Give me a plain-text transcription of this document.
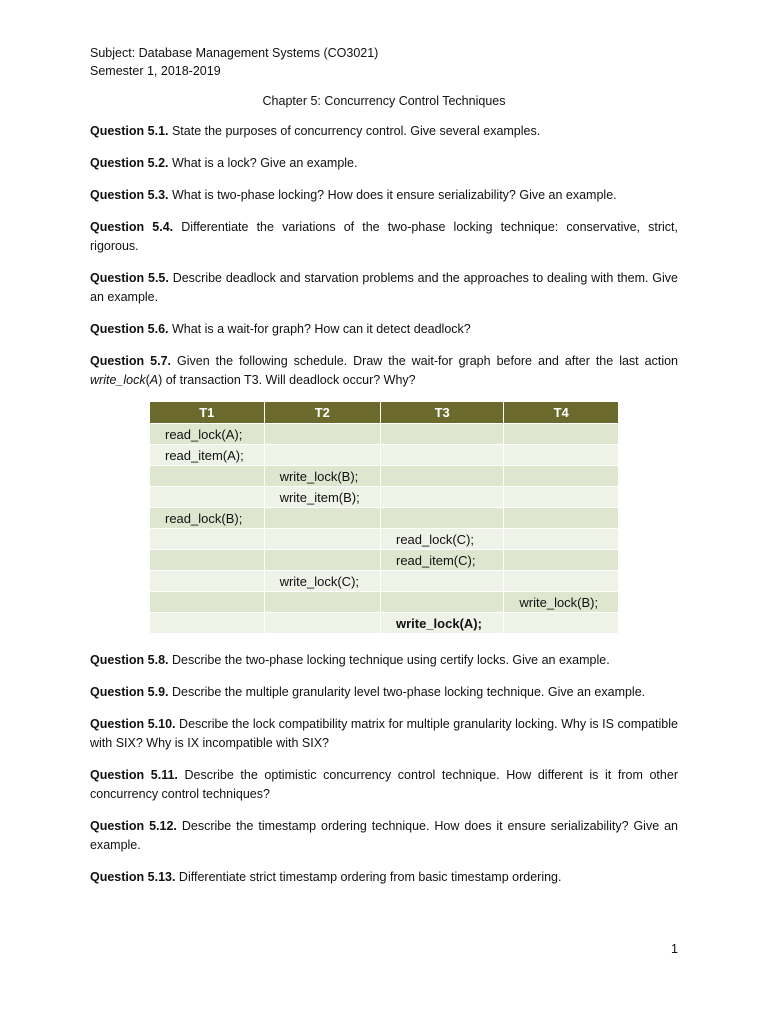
Subject: Database Management Systems (CO3021)
Semester 1, 2018-2019
Chapter 5: Concurrency Control Techniques

Question 5.1. State the purposes of concurrency control. Give several examples.

Question 5.2. What is a lock? Give an example.

Question 5.3. What is two-phase locking? How does it ensure serializability? Give an example.

Question 5.4. Differentiate the variations of the two-phase locking technique: conservative, strict, rigorous.

Question 5.5. Describe deadlock and starvation problems and the approaches to dealing with them. Give an example.

Question 5.6. What is a wait-for graph? How can it detect deadlock?

Question 5.7. Given the following schedule. Draw the wait-for graph before and after the last action write_lock(A) of transaction T3. Will deadlock occur? Why?

T1	T2	T3	T4
read_lock(A);			
read_item(A);			
	write_lock(B);		
	write_item(B);		
read_lock(B);			
		read_lock(C);	
		read_item(C);	
	write_lock(C);		
			write_lock(B);
		write_lock(A);	

Question 5.8. Describe the two-phase locking technique using certify locks. Give an example.

Question 5.9. Describe the multiple granularity level two-phase locking technique. Give an example.

Question 5.10. Describe the lock compatibility matrix for multiple granularity locking. Why is IS compatible with SIX? Why is IX incompatible with SIX?

Question 5.11. Describe the optimistic concurrency control technique. How different is it from other concurrency control techniques?

Question 5.12. Describe the timestamp ordering technique. How does it ensure serializability? Give an example.

Question 5.13. Differentiate strict timestamp ordering from basic timestamp ordering.

1
